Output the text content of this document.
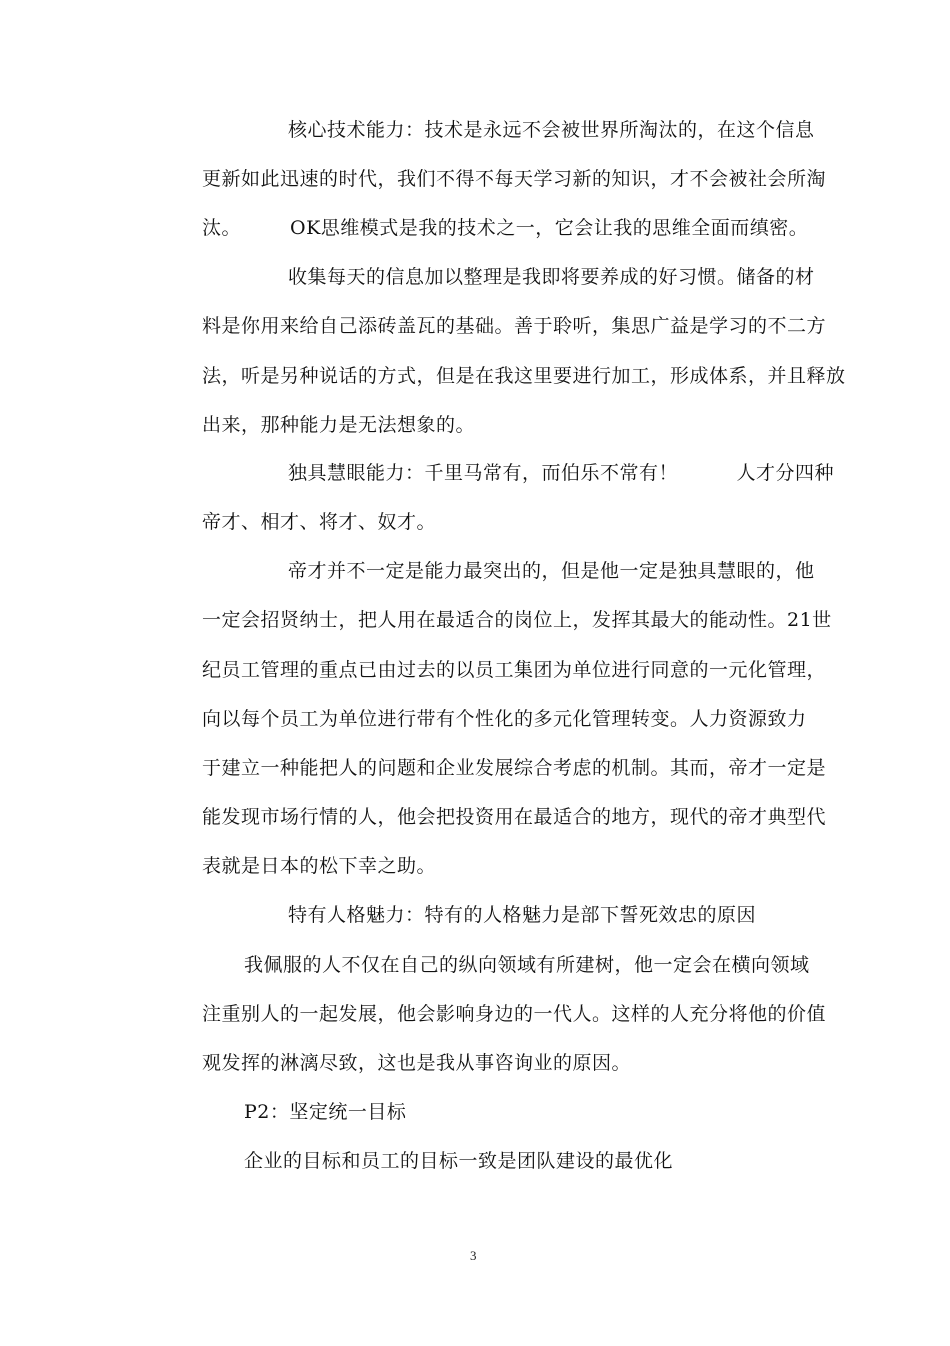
核心技术能力：技术是永远不会被世界所淘汰的，在这个信息
更新如此迅速的时代，我们不得不每天学习新的知识，才不会被社会所淘
汰。　　　OK思维模式是我的技术之一，它会让我的思维全面而缜密。
收集每天的信息加以整理是我即将要养成的好习惯。储备的材
料是你用来给自己添砖盖瓦的基础。善于聆听，集思广益是学习的不二方
法，听是另种说话的方式，但是在我这里要进行加工，形成体系，并且释放
出来，那种能力是无法想象的。
独具慧眼能力：千里马常有，而伯乐不常有！　　　人才分四种
帝才、相才、将才、奴才。
帝才并不一定是能力最突出的，但是他一定是独具慧眼的，他
一定会招贤纳士，把人用在最适合的岗位上，发挥其最大的能动性。21世
纪员工管理的重点已由过去的以员工集团为单位进行同意的一元化管理，
向以每个员工为单位进行带有个性化的多元化管理转变。人力资源致力
于建立一种能把人的问题和企业发展综合考虑的机制。其而，帝才一定是
能发现市场行情的人，他会把投资用在最适合的地方，现代的帝才典型代
表就是日本的松下幸之助。
特有人格魅力：特有的人格魅力是部下誓死效忠的原因
我佩服的人不仅在自己的纵向领域有所建树，他一定会在横向领域
注重别人的一起发展，他会影响身边的一代人。这样的人充分将他的价值
观发挥的淋漓尽致，这也是我从事咨询业的原因。
P2：坚定统一目标
企业的目标和员工的目标一致是团队建设的最优化
3
